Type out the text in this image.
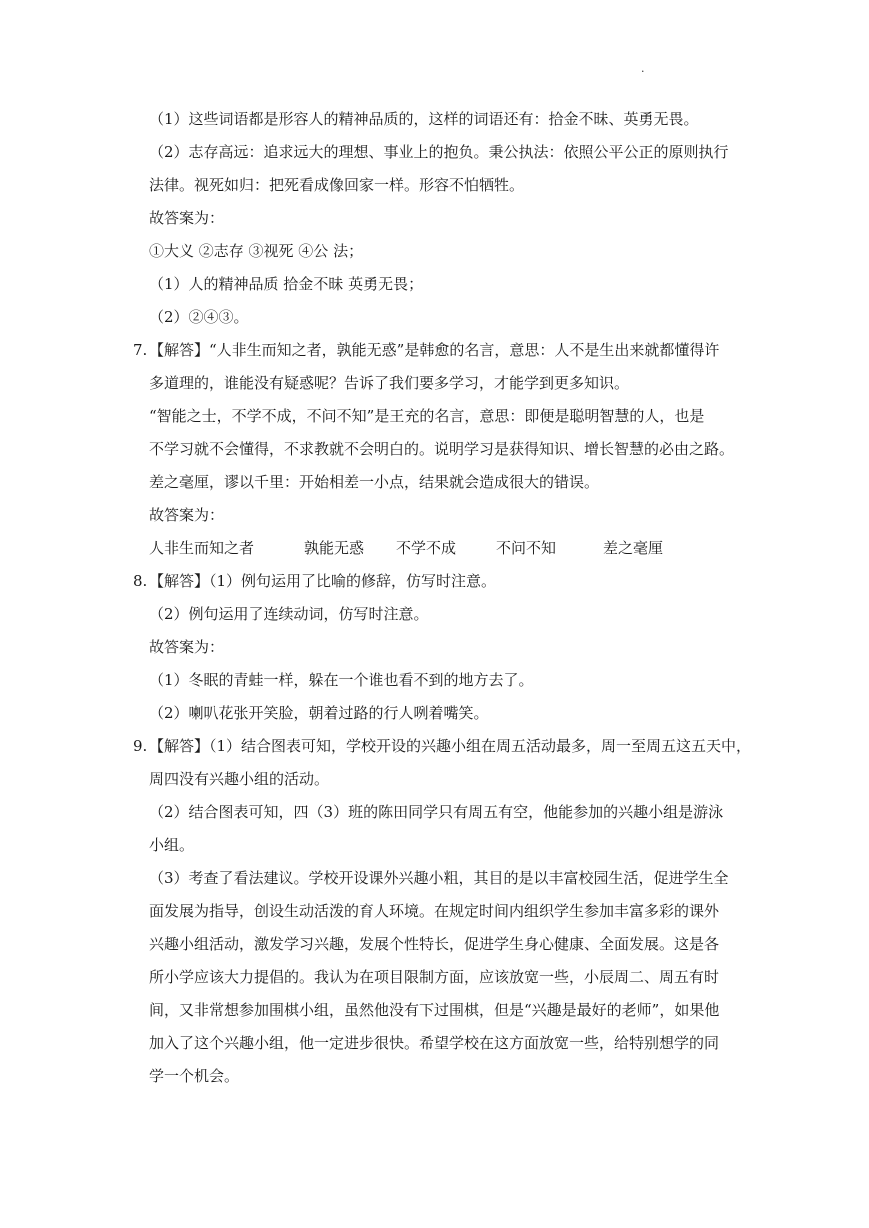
.
（1）这些词语都是形容人的精神品质的，这样的词语还有：拾金不昧、英勇无畏。
（2）志存高远：追求远大的理想、事业上的抱负。秉公执法：依照公平公正的原则执行
法律。视死如归：把死看成像回家一样。形容不怕牺牲。
故答案为：
①大义 ②志存 ③视死 ④公 法；
（1）人的精神品质 拾金不昧 英勇无畏；
（2）②④③。
7. 【解答】“人非生而知之者，孰能无惑”是韩愈的名言，意思：人不是生出来就都懂得许
多道理的，谁能没有疑惑呢？告诉了我们要多学习，才能学到更多知识。
“智能之士，不学不成，不问不知”是王充的名言，意思：即便是聪明智慧的人，也是
不学习就不会懂得，不求教就不会明白的。说明学习是获得知识、增长智慧的必由之路。
差之毫厘，谬以千里：开始相差一小点，结果就会造成很大的错误。
故答案为：
人非生而知之者	孰能无惑	不学不成	不问不知	差之毫厘
8. 【解答】（1）例句运用了比喻的修辞，仿写时注意。
（2）例句运用了连续动词，仿写时注意。
故答案为：
（1）冬眠的青蛙一样，躲在一个谁也看不到的地方去了。
（2）喇叭花张开笑脸，朝着过路的行人咧着嘴笑。
9. 【解答】（1）结合图表可知，学校开设的兴趣小组在周五活动最多，周一至周五这五天中，
周四没有兴趣小组的活动。
（2）结合图表可知，四（3）班的陈田同学只有周五有空，他能参加的兴趣小组是游泳
小组。
（3）考查了看法建议。学校开设课外兴趣小粗，其目的是以丰富校园生活，促进学生全
面发展为指导，创设生动活泼的育人环境。在规定时间内组织学生参加丰富多彩的课外
兴趣小组活动，激发学习兴趣，发展个性特长，促进学生身心健康、全面发展。这是各
所小学应该大力提倡的。我认为在项目限制方面，应该放宽一些，小辰周二、周五有时
间，又非常想参加围棋小组，虽然他没有下过围棋，但是“兴趣是最好的老师”，如果他
加入了这个兴趣小组，他一定进步很快。希望学校在这方面放宽一些，给特别想学的同
学一个机会。
